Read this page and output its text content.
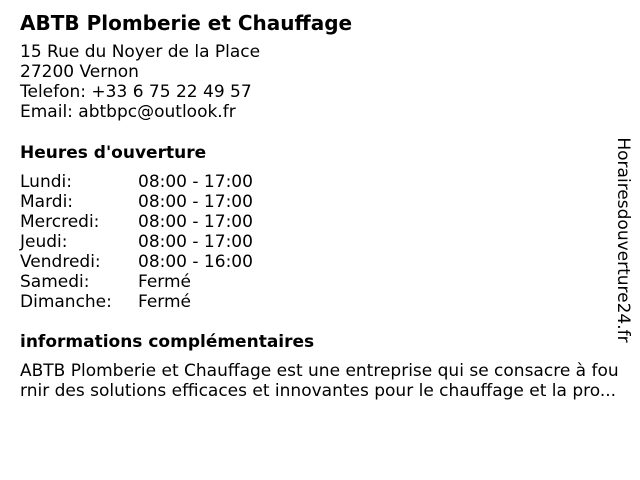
ABTB Plomberie et Chauffage
15 Rue du Noyer de la Place
27200 Vernon
Telefon: +33 6 75 22 49 57
Email: abtbpc@outlook.fr
Heures d'ouverture
Lundi:	08:00 - 17:00
Mardi:	08:00 - 17:00
Mercredi:	08:00 - 17:00
Jeudi:	08:00 - 17:00
Vendredi:	08:00 - 16:00
Samedi:	Fermé
Dimanche:	Fermé
informations complémentaires
ABTB Plomberie et Chauffage est une entreprise qui se consacre à fou
rnir des solutions efficaces et innovantes pour le chauffage et la pro...
Horairesdouverture24.fr
